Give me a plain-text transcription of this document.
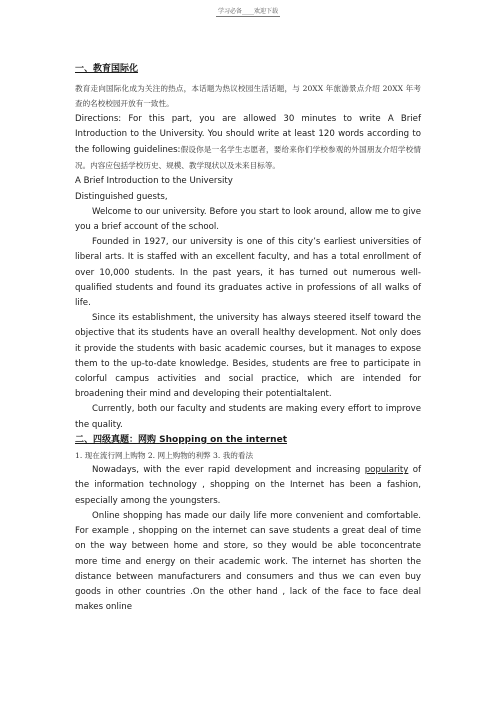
学习必备____欢迎下载

一、教育国际化

教育走向国际化成为关注的热点，本话题为热议校园生活话题，与 20XX 年旅游景点介绍 20XX 年考查的名校校园开放有一致性。

Directions: For this part, you are allowed 30 minutes to write A Brief Introduction to the University. You should write at least 120 words according to the following guidelines:假设你是一名学生志愿者，要给来你们学校参观的外国朋友介绍学校情况。内容应包括学校历史、规模、教学现状以及未来目标等。

A Brief Introduction to the University

Distinguished guests,

Welcome to our university. Before you start to look around, allow me to give you a brief account of the school.

Founded in 1927, our university is one of this city’s earliest universities of liberal arts. It is staffed with an excellent faculty, and has a total enrollment of over 10,000 students. In the past years, it has turned out numerous well-qualified students and found its graduates active in professions of all walks of life.

Since its establishment, the university has always steered itself toward the objective that its students have an overall healthy development. Not only does it provide the students with basic academic courses, but it manages to expose them to the up-to-date knowledge. Besides, students are free to participate in colorful campus activities and social practice, which are intended for broadening their mind and developing their potentialtalent.

Currently, both our faculty and students are making every effort to improve the quality.

二、四级真题：网购 Shopping on the internet

1. 现在流行网上购物 2. 网上购物的利弊 3. 我的看法

Nowadays, with the ever rapid development and increasing popularity of the information technology , shopping on the Internet has been a fashion, especially among the youngsters.

Online shopping has made our daily life more convenient and comfortable. For example , shopping on the internet can save students a great deal of time on the way between home and store, so they would be able toconcentrate more time and energy on their academic work. The internet has shorten the distance between manufacturers and consumers and thus we can even buy goods in other countries .On the other hand , lack of the face to face deal makes online
